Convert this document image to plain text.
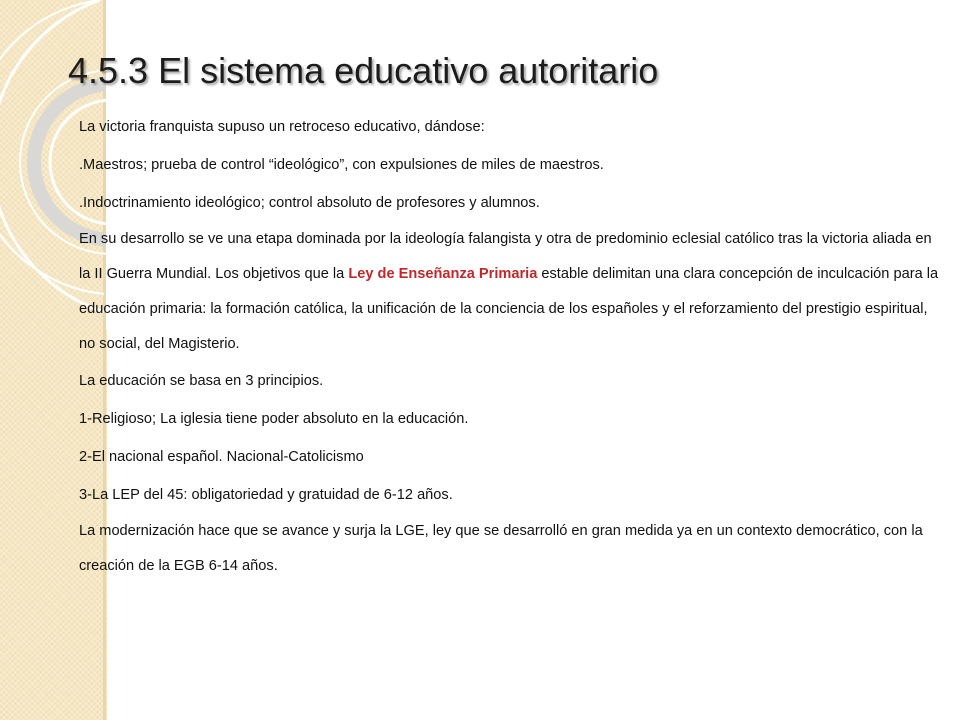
4.5.3 El sistema educativo autoritario

La victoria franquista supuso un retroceso educativo, dándose:

.Maestros; prueba de control “ideológico”, con expulsiones de miles de maestros.

.Indoctrinamiento ideológico; control absoluto de profesores y alumnos.

En su desarrollo se ve una etapa dominada por la ideología falangista y otra de predominio eclesial católico tras la victoria aliada en la II Guerra Mundial. Los objetivos que la Ley de Enseñanza Primaria estable delimitan una clara concepción de inculcación para la educación primaria: la formación católica, la unificación de la conciencia de los españoles y el reforzamiento del prestigio espiritual, no social, del Magisterio.

La educación se basa en 3 principios.

1-Religioso; La iglesia tiene poder absoluto en la educación.

2-El nacional español. Nacional-Catolicismo

3-La LEP del 45: obligatoriedad y gratuidad de 6-12 años.

La modernización hace que se avance y surja la LGE, ley que se desarrolló en gran medida ya en un contexto democrático, con la creación de la EGB 6-14 años.
